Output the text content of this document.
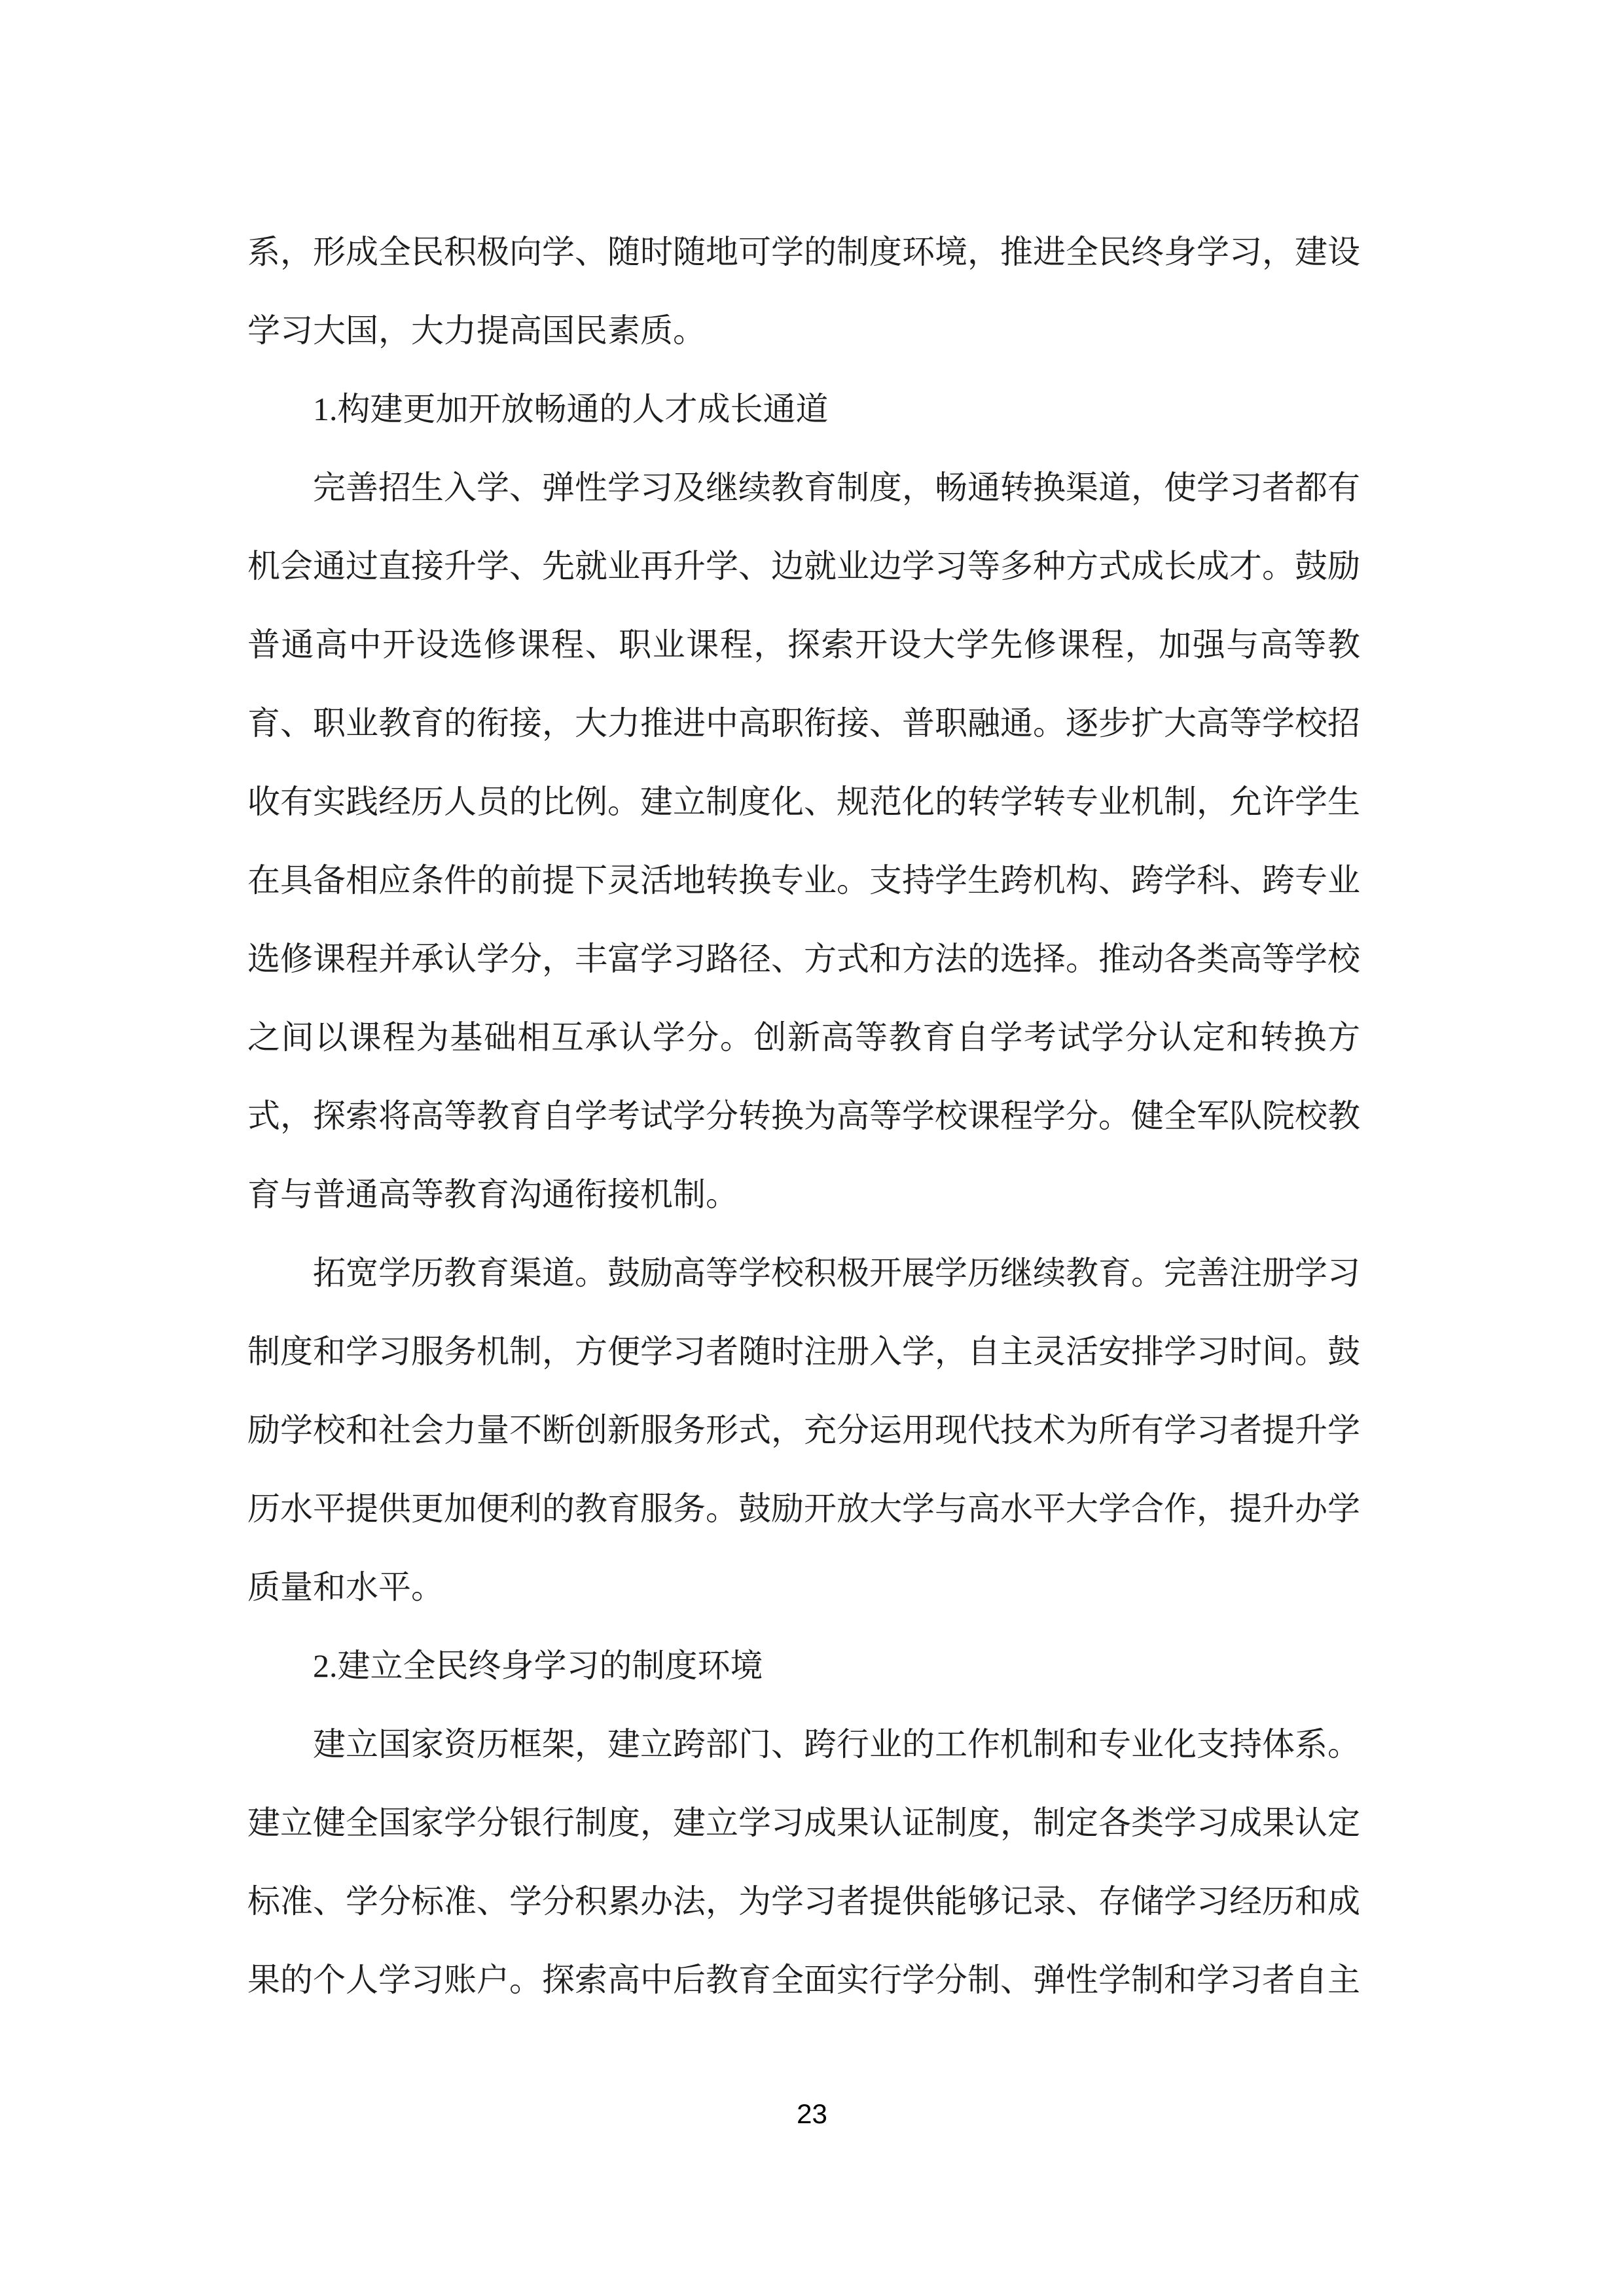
系，形成全民积极向学、随时随地可学的制度环境，推进全民终身学习，建设学习大国，大力提高国民素质。

1.构建更加开放畅通的人才成长通道

完善招生入学、弹性学习及继续教育制度，畅通转换渠道，使学习者都有机会通过直接升学、先就业再升学、边就业边学习等多种方式成长成才。鼓励普通高中开设选修课程、职业课程，探索开设大学先修课程，加强与高等教育、职业教育的衔接，大力推进中高职衔接、普职融通。逐步扩大高等学校招收有实践经历人员的比例。建立制度化、规范化的转学转专业机制，允许学生在具备相应条件的前提下灵活地转换专业。支持学生跨机构、跨学科、跨专业选修课程并承认学分，丰富学习路径、方式和方法的选择。推动各类高等学校之间以课程为基础相互承认学分。创新高等教育自学考试学分认定和转换方式，探索将高等教育自学考试学分转换为高等学校课程学分。健全军队院校教育与普通高等教育沟通衔接机制。

拓宽学历教育渠道。鼓励高等学校积极开展学历继续教育。完善注册学习制度和学习服务机制，方便学习者随时注册入学，自主灵活安排学习时间。鼓励学校和社会力量不断创新服务形式，充分运用现代技术为所有学习者提升学历水平提供更加便利的教育服务。鼓励开放大学与高水平大学合作，提升办学质量和水平。

2.建立全民终身学习的制度环境

建立国家资历框架，建立跨部门、跨行业的工作机制和专业化支持体系。建立健全国家学分银行制度，建立学习成果认证制度，制定各类学习成果认定标准、学分标准、学分积累办法，为学习者提供能够记录、存储学习经历和成果的个人学习账户。探索高中后教育全面实行学分制、弹性学制和学习者自主

23
